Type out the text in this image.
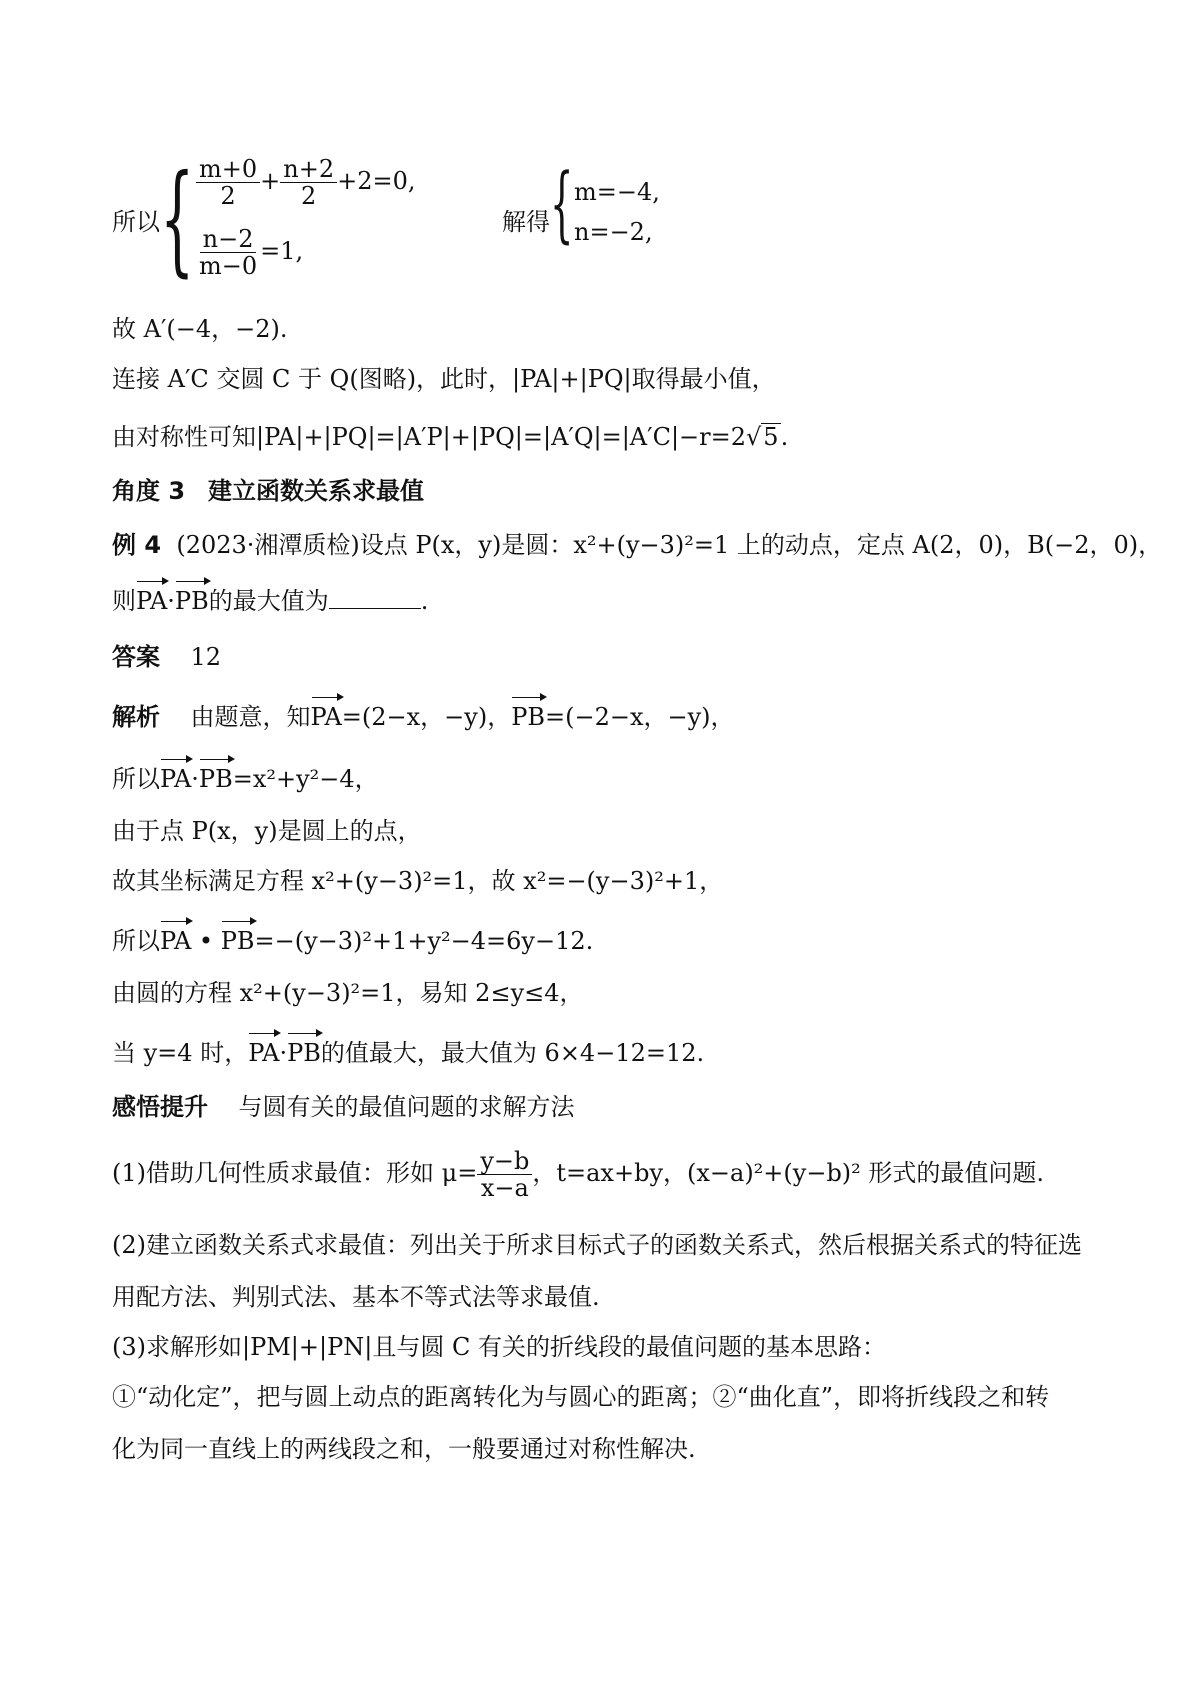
所以 { $\frac{m+0}{2} + \frac{n+2}{2} +2=0$,
$\frac{n-2}{m-0} =1$,
解得 { m=−4,
n=−2,
故 A′(−4，−2).
连接 A′C 交圆 C 于 Q(图略)，此时，|PA|+|PQ|取得最小值，
由对称性可知|PA|+|PQ|=|A′P|+|PQ|=|A′Q|=|A′C|−r=2√5.
角度 3 建立函数关系求最值
例 4 (2023·湘潭质检)设点 P(x，y)是圆：x²+(y−3)²=1 上的动点，定点 A(2，0)，B(−2，0)，
则PA·PB的最大值为	.
答案 12
解析 由题意，知PA=(2−x，−y)，PB=(−2−x，−y)，
所以PA·PB=x²+y²−4，
由于点 P(x，y)是圆上的点，
故其坐标满足方程 x²+(y−3)²=1，故 x²=−(y−3)²+1，
所以PA • PB=−(y−3)²+1+y²−4=6y−12.
由圆的方程 x²+(y−3)²=1，易知 2≤y≤4，
当 y=4 时，PA·PB的值最大，最大值为 6×4−12=12.
感悟提升 与圆有关的最值问题的求解方法
(1)借助几何性质求最值：形如 $\mu= \frac{y-b}{x-a}$ ，t=ax+by，(x−a)²+(y−b)² 形式的最值问题.
(2)建立函数关系式求最值：列出关于所求目标式子的函数关系式，然后根据关系式的特征选
用配方法、判别式法、基本不等式法等求最值.
(3)求解形如|PM|+|PN|且与圆 C 有关的折线段的最值问题的基本思路：
①“动化定”，把与圆上动点的距离转化为与圆心的距离；②“曲化直”，即将折线段之和转
化为同一直线上的两线段之和，一般要通过对称性解决.
